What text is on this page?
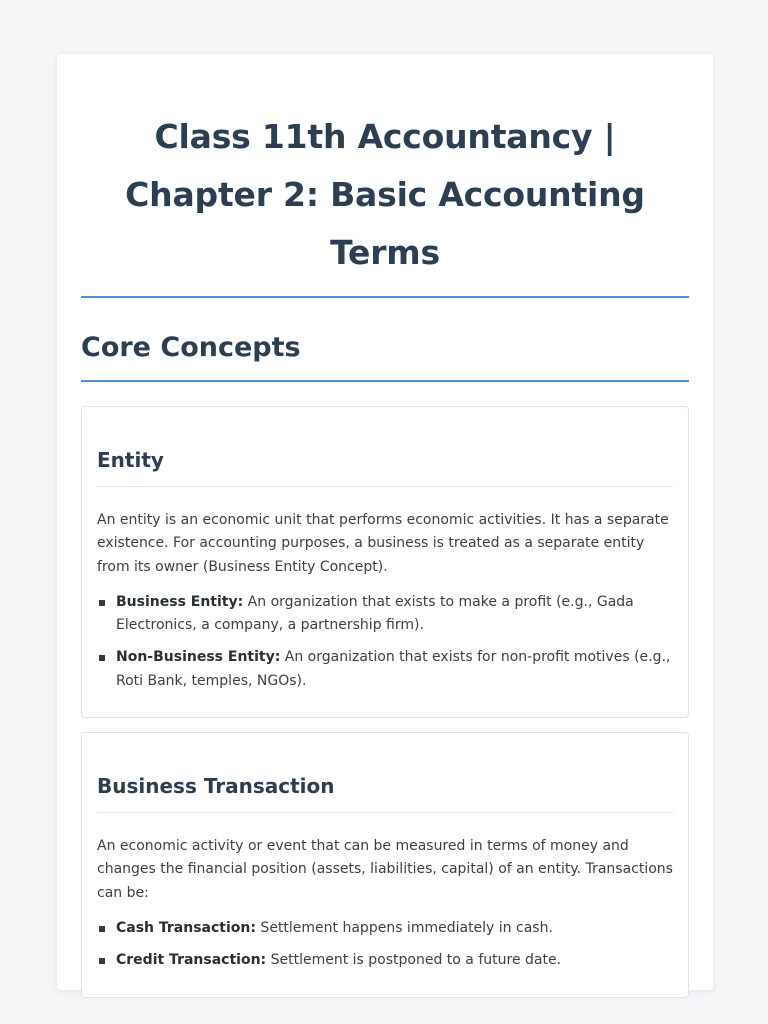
Class 11th Accountancy | Chapter 2: Basic Accounting Terms
Core Concepts
Entity

An entity is an economic unit that performs economic activities. It has a separate existence. For accounting purposes, a business is treated as a separate entity from its owner (Business Entity Concept).

Business Entity: An organization that exists to make a profit (e.g., Gada Electronics, a company, a partnership firm).
Non-Business Entity: An organization that exists for non-profit motives (e.g., Roti Bank, temples, NGOs).
Business Transaction

An economic activity or event that can be measured in terms of money and changes the financial position (assets, liabilities, capital) of an entity. Transactions can be:

Cash Transaction: Settlement happens immediately in cash.
Credit Transaction: Settlement is postponed to a future date.
